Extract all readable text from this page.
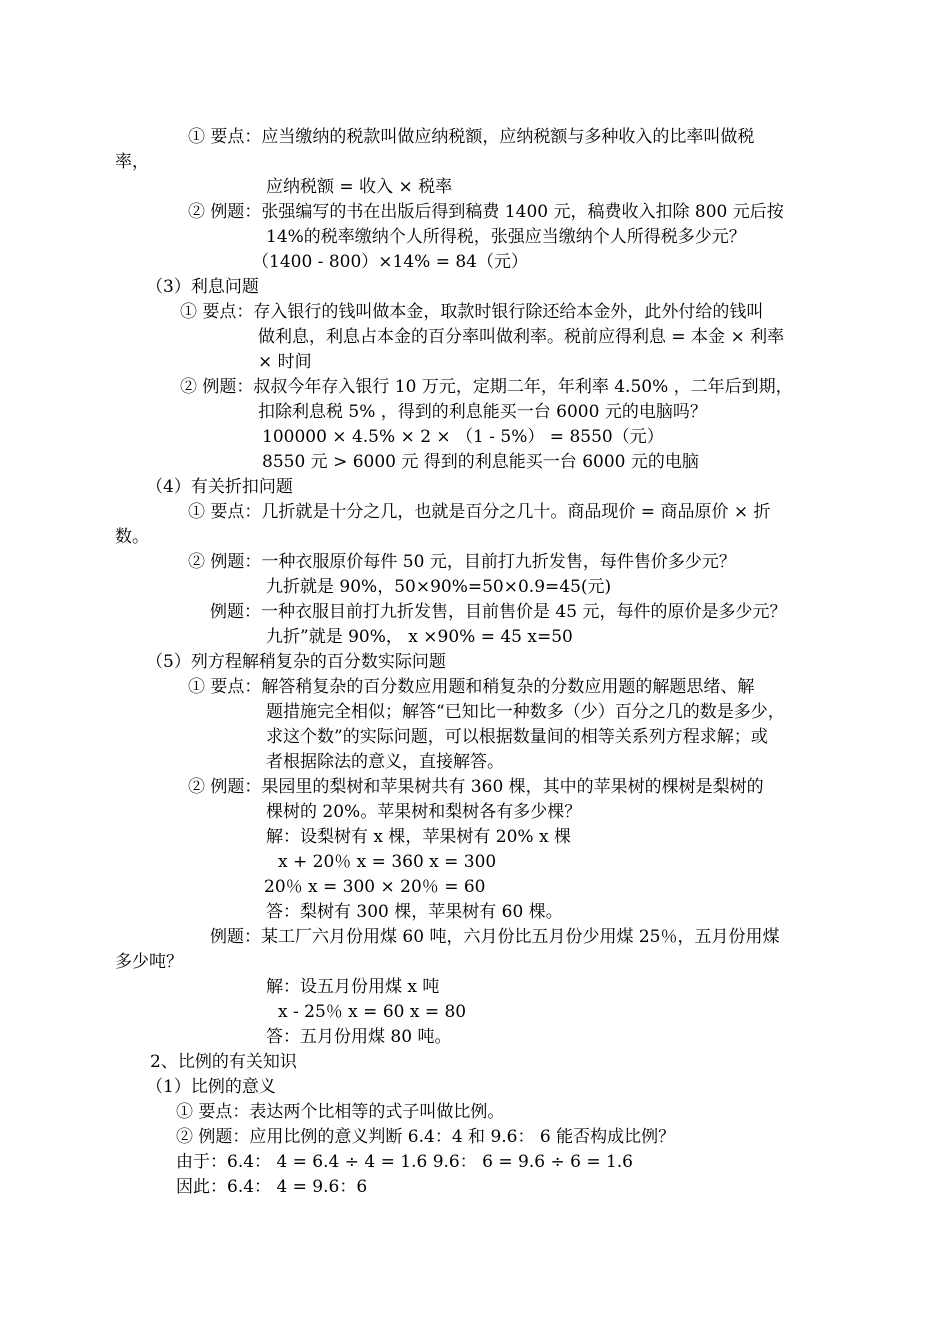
① 要点：应当缴纳的税款叫做应纳税额，应纳税额与多种收入的比率叫做税
率，
应纳税额 = 收入 × 税率
② 例题：张强编写的书在出版后得到稿费 1400 元，稿费收入扣除 800 元后按
14%的税率缴纳个人所得税，张强应当缴纳个人所得税多少元？
（1400 - 800）×14% = 84（元）
（3）利息问题
① 要点：存入银行的钱叫做本金，取款时银行除还给本金外，此外付给的钱叫
做利息，利息占本金的百分率叫做利率。税前应得利息 = 本金 × 利率
× 时间
② 例题：叔叔今年存入银行 10 万元，定期二年，年利率 4.50% ，二年后到期，
扣除利息税 5% ，得到的利息能买一台 6000 元的电脑吗？
100000 × 4.5% × 2 × （1 - 5%） = 8550（元）
8550 元 > 6000 元 得到的利息能买一台 6000 元的电脑
（4）有关折扣问题
① 要点：几折就是十分之几，也就是百分之几十。商品现价 = 商品原价 × 折
数。
② 例题：一种衣服原价每件 50 元，目前打九折发售，每件售价多少元？
九折就是 90%，50×90%=50×0.9=45(元)
例题：一种衣服目前打九折发售，目前售价是 45 元，每件的原价是多少元？
九折”就是 90%， x ×90% = 45 x=50
（5）列方程解稍复杂的百分数实际问题
① 要点：解答稍复杂的百分数应用题和稍复杂的分数应用题的解题思绪、解
题措施完全相似；解答“已知比一种数多（少）百分之几的数是多少，
求这个数”的实际问题，可以根据数量间的相等关系列方程求解；或
者根据除法的意义，直接解答。
② 例题：果园里的梨树和苹果树共有 360 棵，其中的苹果树的棵树是梨树的
棵树的 20%。苹果树和梨树各有多少棵？
解：设梨树有 x 棵，苹果树有 20% x 棵
x + 20％ x = 360 x = 300
20％ x = 300 × 20％ = 60
答：梨树有 300 棵，苹果树有 60 棵。
例题：某工厂六月份用煤 60 吨，六月份比五月份少用煤 25％，五月份用煤
多少吨？
解：设五月份用煤 x 吨
x - 25％ x = 60 x = 80
答：五月份用煤 80 吨。
2、比例的有关知识
（1）比例的意义
① 要点：表达两个比相等的式子叫做比例。
② 例题：应用比例的意义判断 6.4：4 和 9.6： 6 能否构成比例？
由于：6.4： 4 = 6.4 ÷ 4 = 1.6 9.6： 6 = 9.6 ÷ 6 = 1.6
因此：6.4： 4 = 9.6：6
